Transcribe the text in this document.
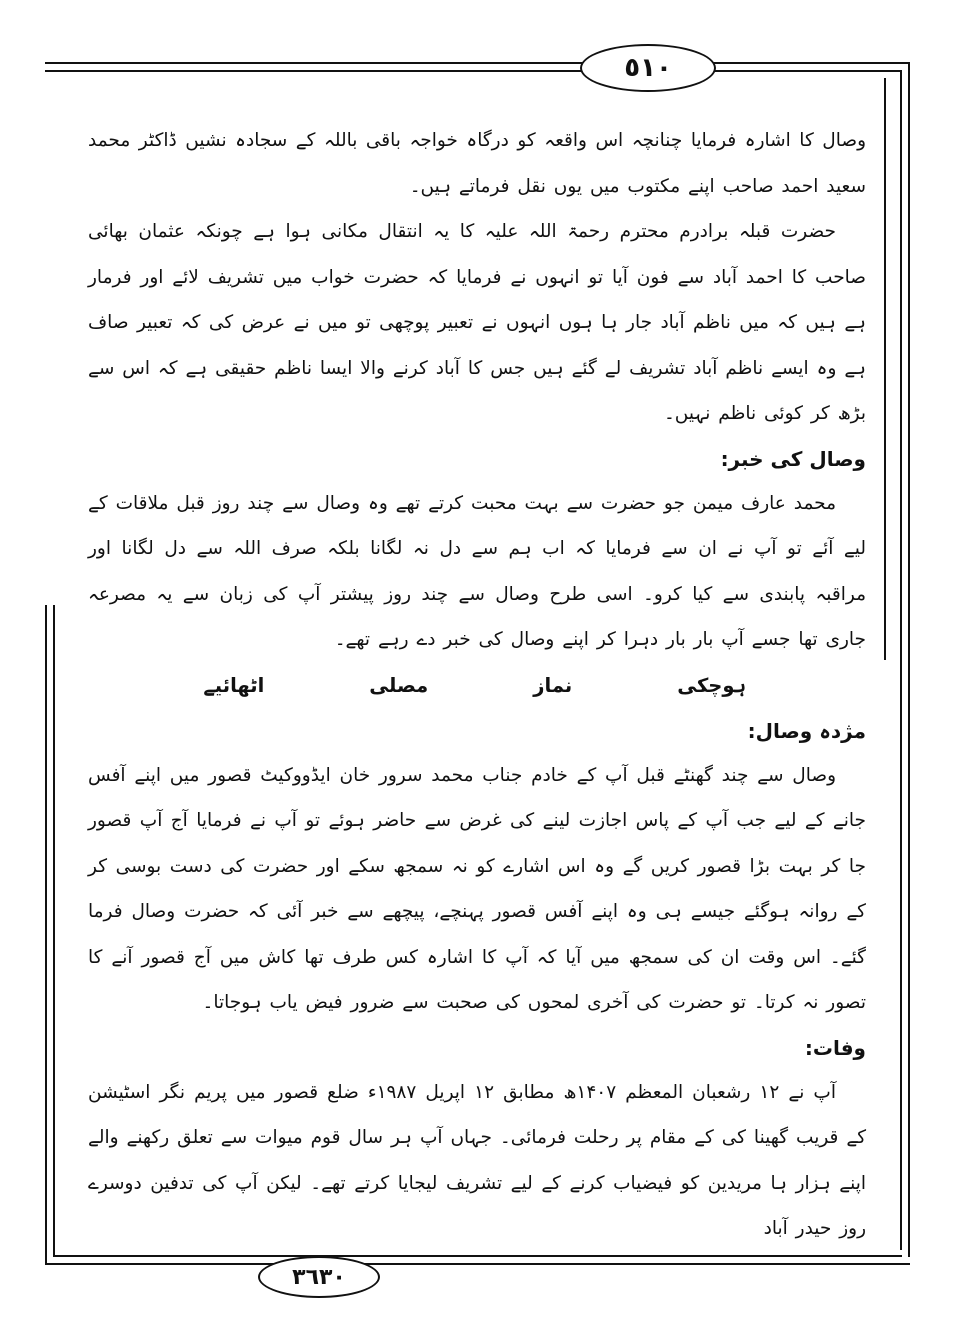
٥١٠
٣٦٣٠

وصال کا اشارہ فرمایا چنانچہ اس واقعہ کو درگاہ خواجہ باقی باللہ کے سجادہ نشیں ڈاکٹر محمد سعید احمد صاحب اپنے مکتوب میں یوں نقل فرماتے ہیں۔

حضرت قبلہ برادرم محترم رحمۃ اللہ علیہ کا یہ انتقال مکانی ہوا ہے چونکہ عثمان بھائی صاحب کا احمد آباد سے فون آیا تو انہوں نے فرمایا کہ حضرت خواب میں تشریف لائے اور فرمار ہے ہیں کہ میں ناظم آباد جار ہا ہوں انہوں نے تعبیر پوچھی تو میں نے عرض کی کہ تعبیر صاف ہے وہ ایسے ناظم آباد تشریف لے گئے ہیں جس کا آباد کرنے والا ایسا ناظم حقیقی ہے کہ اس سے بڑھ کر کوئی ناظم نہیں۔

وصال کی خبر:

محمد عارف میمن جو حضرت سے بہت محبت کرتے تھے وہ وصال سے چند روز قبل ملاقات کے لیے آئے تو آپ نے ان سے فرمایا کہ اب ہم سے دل نہ لگانا بلکہ صرف اللہ سے دل لگانا اور مراقبہ پابندی سے کیا کرو۔ اسی طرح وصال سے چند روز پیشتر آپ کی زبان سے یہ مصرعہ جاری تھا جسے آپ بار بار دہرا کر اپنے وصال کی خبر دے رہے تھے۔

ہوچکی
نماز
مصلی
اٹھائیے

مژدہ وصال:

وصال سے چند گھنٹے قبل آپ کے خادم جناب محمد سرور خان ایڈووکیٹ قصور میں اپنے آفس جانے کے لیے جب آپ کے پاس اجازت لینے کی غرض سے حاضر ہوئے تو آپ نے فرمایا آج آپ قصور جا کر بہت بڑا قصور کریں گے وہ اس اشارے کو نہ سمجھ سکے اور حضرت کی دست بوسی کر کے روانہ ہوگئے جیسے ہی وہ اپنے آفس قصور پہنچے، پیچھے سے خبر آئی کہ حضرت وصال فرما گئے۔ اس وقت ان کی سمجھ میں آیا کہ آپ کا اشارہ کس طرف تھا کاش میں آج قصور آنے کا تصور نہ کرتا۔ تو حضرت کی آخری لمحوں کی صحبت سے ضرور فیض یاب ہوجاتا۔

وفات:

آپ نے ۱۲ رشعبان المعظم ۱۴۰۷ھ مطابق ۱۲ اپریل ۱۹۸۷ء ضلع قصور میں پریم نگر اسٹیشن کے قریب گھینا کی کے مقام پر رحلت فرمائی۔ جہاں آپ ہر سال قوم میوات سے تعلق رکھنے والے اپنے ہزار ہا مریدین کو فیضیاب کرنے کے لیے تشریف لیجایا کرتے تھے۔ لیکن آپ کی تدفین دوسرے روز حیدر آباد
